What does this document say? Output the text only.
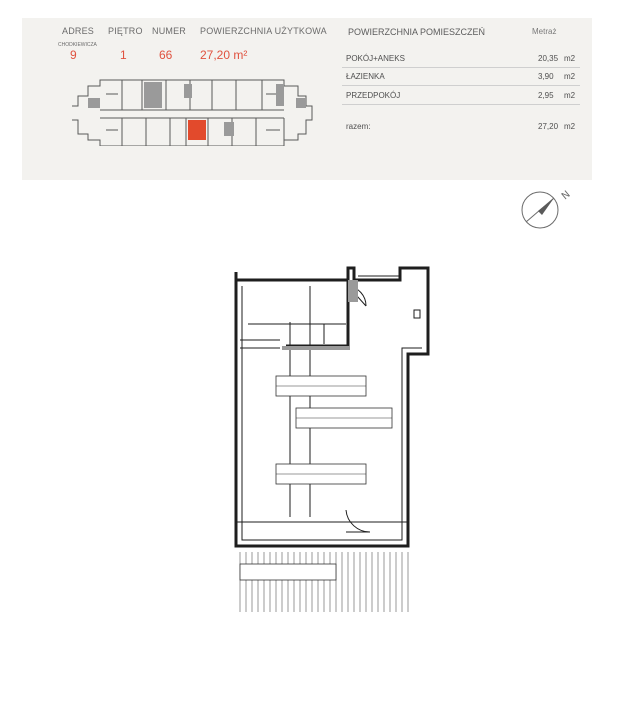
ADRES PIĘTRO NUMER POWIERZCHNIA UŻYTKOWA
CHODKIEWICZA
9	1	66 27,20 m²
POWIERZCHNIA POMIESZCZEŃ	Metraż
POKÓJ+ANEKS	20,35 m2
ŁAZIENKA	3,90 m2
PRZEDPOKÓJ	2,95 m2
razem:	27,20 m2
N
